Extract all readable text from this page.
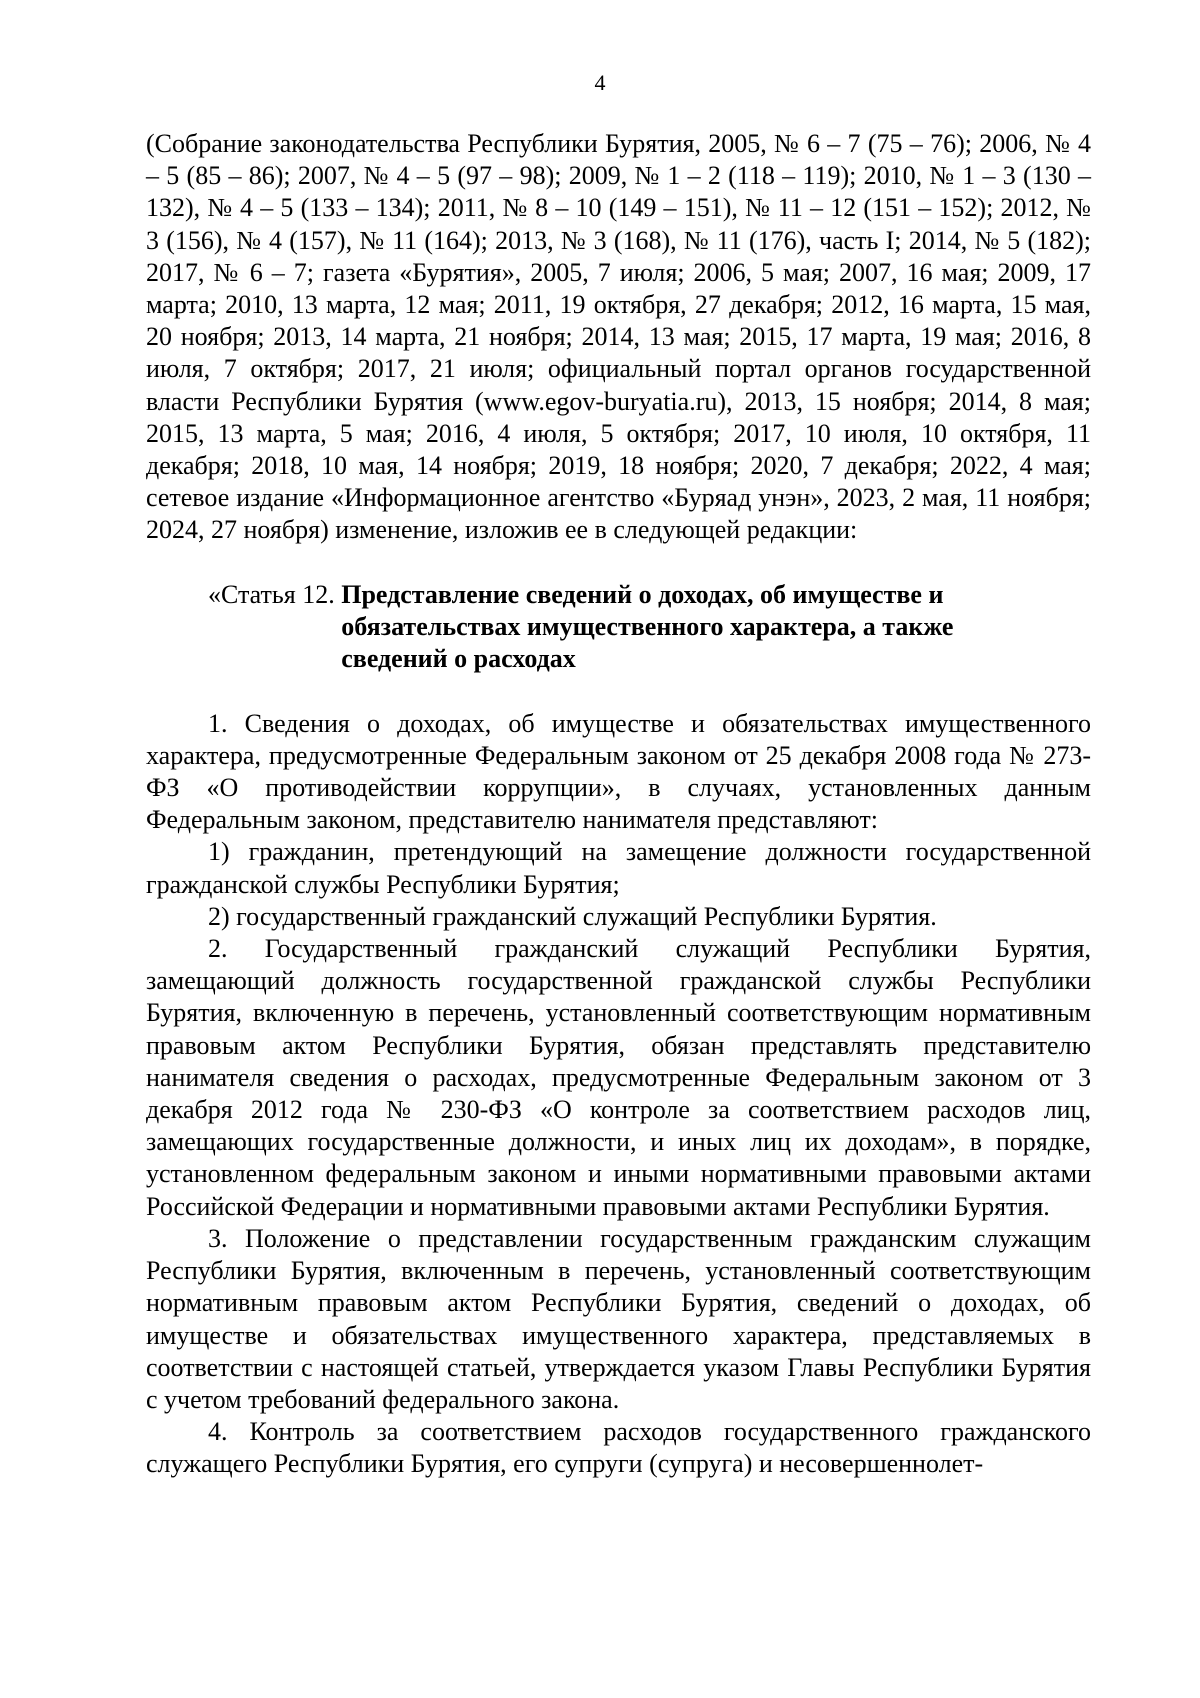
4

(Собрание законодательства Республики Бурятия, 2005, № 6 – 7 (75 – 76); 2006, № 4 – 5 (85 – 86); 2007, № 4 – 5 (97 – 98); 2009, № 1 – 2 (118 – 119); 2010, № 1 – 3 (130 – 132), № 4 – 5 (133 – 134); 2011, № 8 – 10 (149 – 151), № 11 – 12 (151 – 152); 2012, № 3 (156), № 4 (157), № 11 (164); 2013, № 3 (168), № 11 (176), часть I; 2014, № 5 (182); 2017, № 6 – 7; газета «Бурятия», 2005, 7 июля; 2006, 5 мая; 2007, 16 мая; 2009, 17 марта; 2010, 13 марта, 12 мая; 2011, 19 октября, 27 декабря; 2012, 16 марта, 15 мая, 20 ноября; 2013, 14 марта, 21 ноября; 2014, 13 мая; 2015, 17 марта, 19 мая; 2016, 8 июля, 7 октября; 2017, 21 июля; официальный портал органов государственной власти Республики Бурятия (www.egov-buryatia.ru), 2013, 15 ноября; 2014, 8 мая; 2015, 13 марта, 5 мая; 2016, 4 июля, 5 октября; 2017, 10 июля, 10 октября, 11 декабря; 2018, 10 мая, 14 ноября; 2019, 18 ноября; 2020, 7 декабря; 2022, 4 мая; сетевое издание «Информационное агентство «Буряад унэн», 2023, 2 мая, 11 ноября; 2024, 27 ноября) изменение, изложив ее в следующей редакции:

«Статья 12. Представление сведений о доходах, об имуществе и обязательствах имущественного характера, а также сведений о расходах

1. Сведения о доходах, об имуществе и обязательствах имущественного характера, предусмотренные Федеральным законом от 25 декабря 2008 года № 273-ФЗ «О противодействии коррупции», в случаях, установленных данным Федеральным законом, представителю нанимателя представляют:

1) гражданин, претендующий на замещение должности государственной гражданской службы Республики Бурятия;

2) государственный гражданский служащий Республики Бурятия.

2. Государственный гражданский служащий Республики Бурятия, замещающий должность государственной гражданской службы Республики Бурятия, включенную в перечень, установленный соответствующим нормативным правовым актом Республики Бурятия, обязан представлять представителю нанимателя сведения о расходах, предусмотренные Федеральным законом от 3 декабря 2012 года № 230-ФЗ «О контроле за соответствием расходов лиц, замещающих государственные должности, и иных лиц их доходам», в порядке, установленном федеральным законом и иными нормативными правовыми актами Российской Федерации и нормативными правовыми актами Республики Бурятия.

3. Положение о представлении государственным гражданским служащим Республики Бурятия, включенным в перечень, установленный соответствующим нормативным правовым актом Республики Бурятия, сведений о доходах, об имуществе и обязательствах имущественного характера, представляемых в соответствии с настоящей статьей, утверждается указом Главы Республики Бурятия с учетом требований федерального закона.

4. Контроль за соответствием расходов государственного гражданского служащего Республики Бурятия, его супруги (супруга) и несовершеннолет-
